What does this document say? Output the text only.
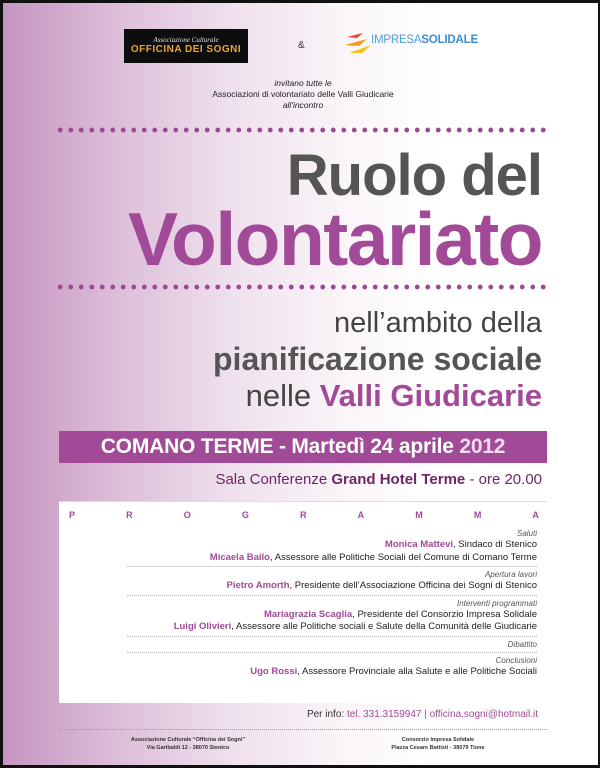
Associazione Culturale
OFFICINA DEI SOGNI	&	IMPRESASOLIDALE
invitano tutte le
Associazioni di volontariato delle Valli Giudicarie
all'incontro
Ruolo del
Volontariato
nell’ambito della
pianificazione sociale
nelle Valli Giudicarie
COMANO TERME - Martedì 24 aprile
2012
Sala Conferenze Grand Hotel Terme - ore 20.00
P	R	O	G	R	A	M	M	A
Saluti
Monica Mattevi, Sindaco di Stenico
Micaela Bailo, Assessore alle Politiche Sociali del Comune di Comano Terme
Apertura lavori
Pietro Amorth, Presidente dell’Associazione Officina dei Sogni di Stenico
Interventi programmati
Mariagrazia Scaglia, Presidente del Consorzio Impresa Solidale
Luigi Olivieri, Assessore alle Politiche sociali e Salute della Comunità delle Giudicarie
Dibattito
Conclusioni
Ugo Rossi, Assessore Provinciale alla Salute e alle Politiche Sociali
Per info: tel. 331.3159947 | officina.sogni@hotmail.it
Associazione Culturale “Officina dei Sogni”
Via Garibaldi 12 - 38070 Stenico
Consorzio Impresa Solidale
Piazza Cesare Battisti - 38079 Tione
